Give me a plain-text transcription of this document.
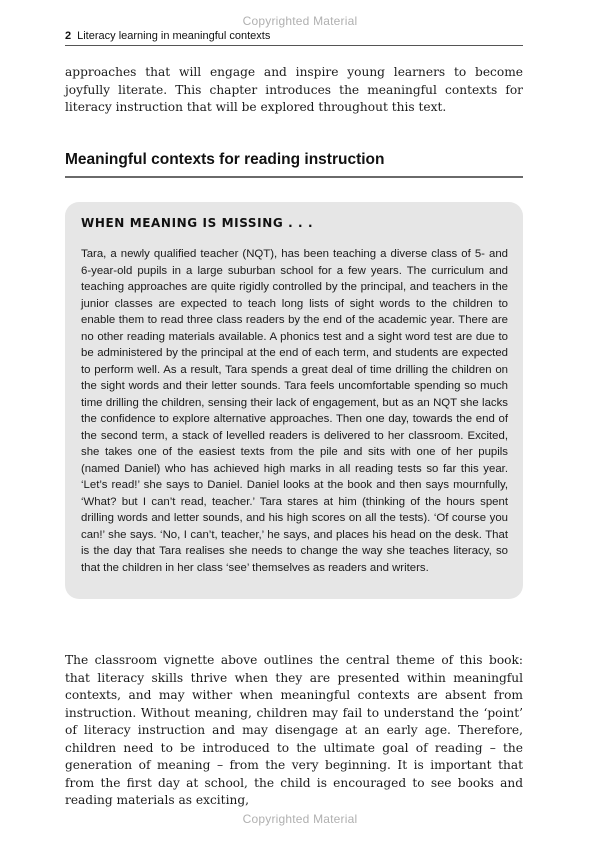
Copyrighted Material
2 Literacy learning in meaningful contexts

approaches that will engage and inspire young learners to become joyfully literate. This chapter introduces the meaningful contexts for literacy instruction that will be explored throughout this text.

Meaningful contexts for reading instruction
WHEN MEANING IS MISSING . . .

Tara, a newly qualified teacher (NQT), has been teaching a diverse class of 5- and 6-year-old pupils in a large suburban school for a few years. The curriculum and teaching approaches are quite rigidly controlled by the principal, and teachers in the junior classes are expected to teach long lists of sight words to the children to enable them to read three class readers by the end of the academic year. There are no other reading materials available. A phonics test and a sight word test are due to be administered by the principal at the end of each term, and students are expected to perform well. As a result, Tara spends a great deal of time drilling the children on the sight words and their letter sounds. Tara feels uncomfortable spending so much time drilling the children, sensing their lack of engagement, but as an NQT she lacks the confidence to explore alternative approaches. Then one day, towards the end of the second term, a stack of levelled readers is delivered to her classroom. Excited, she takes one of the easiest texts from the pile and sits with one of her pupils (named Daniel) who has achieved high marks in all reading tests so far this year. ‘Let’s read!’ she says to Daniel. Daniel looks at the book and then says mournfully, ‘What? but I can’t read, teacher.’ Tara stares at him (thinking of the hours spent drilling words and letter sounds, and his high scores on all the tests). ‘Of course you can!’ she says. ‘No, I can’t, teacher,’ he says, and places his head on the desk. That is the day that Tara realises she needs to change the way she teaches literacy, so that the children in her class ‘see’ themselves as readers and writers.

The classroom vignette above outlines the central theme of this book: that literacy skills thrive when they are presented within meaningful contexts, and may wither when meaningful contexts are absent from instruction. Without meaning, children may fail to understand the ‘point’ of literacy instruction and may disengage at an early age. Therefore, children need to be introduced to the ultimate goal of reading – the generation of meaning – from the very beginning. It is important that from the first day at school, the child is encouraged to see books and reading materials as exciting,

Copyrighted Material
